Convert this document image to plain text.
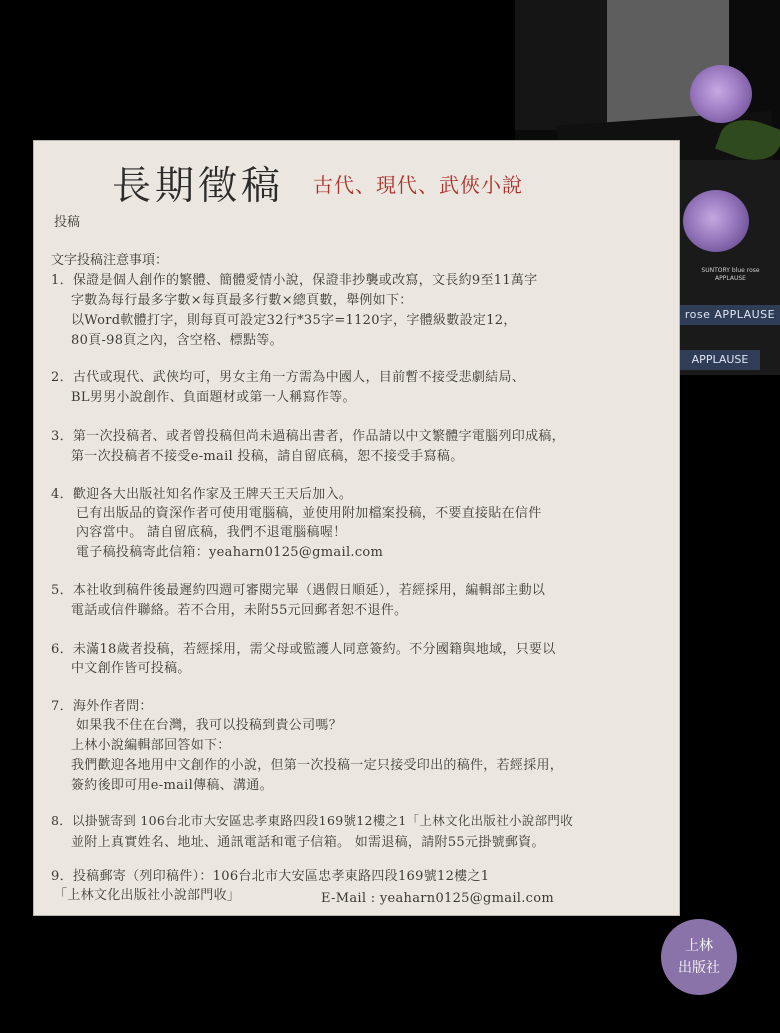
SUNTORY blue rose APPLAUSE
rose APPLAUSE
APPLAUSE
長期徵稿 古代、現代、武俠小說
投稿
文字投稿注意事項：
1．保證是個人創作的繁體、簡體愛情小說，保證非抄襲或改寫，文長約9至11萬字
字數為每行最多字數×每頁最多行數×總頁數，舉例如下：
以Word軟體打字，則每頁可設定32行*35字=1120字，字體級數設定12，
80頁-98頁之內，含空格、標點等。
2．古代或現代、武俠均可，男女主角一方需為中國人，目前暫不接受悲劇結局、
BL男男小說創作、負面題材或第一人稱寫作等。
3．第一次投稿者、或者曾投稿但尚未過稿出書者，作品請以中文繁體字電腦列印成稿，
第一次投稿者不接受e-mail 投稿，請自留底稿，恕不接受手寫稿。
4．歡迎各大出版社知名作家及王牌天王天后加入。
已有出版品的資深作者可使用電腦稿，並使用附加檔案投稿，不要直接貼在信件
內容當中。 請自留底稿，我們不退電腦稿喔！
電子稿投稿寄此信箱：yeaharn0125@gmail.com
5．本社收到稿件後最遲約四週可審閱完畢（遇假日順延），若經採用，編輯部主動以
電話或信件聯絡。若不合用，未附55元回郵者恕不退件。
6．未滿18歲者投稿，若經採用，需父母或監護人同意簽約。不分國籍與地域，只要以
中文創作皆可投稿。
7．海外作者問：
如果我不住在台灣，我可以投稿到貴公司嗎？
上林小說編輯部回答如下：
我們歡迎各地用中文創作的小說，但第一次投稿一定只接受印出的稿件，若經採用，
簽約後即可用e-mail傳稿、溝通。
8．以掛號寄到 106台北市大安區忠孝東路四段169號12樓之1「上林文化出版社小說部門收
並附上真實姓名、地址、通訊電話和電子信箱。 如需退稿，請附55元掛號郵資。
9．投稿郵寄（列印稿件）：106台北市大安區忠孝東路四段169號12樓之1
「上林文化出版社小說部門收」	E-Mail : yeaharn0125@gmail.com
上林
出版社
